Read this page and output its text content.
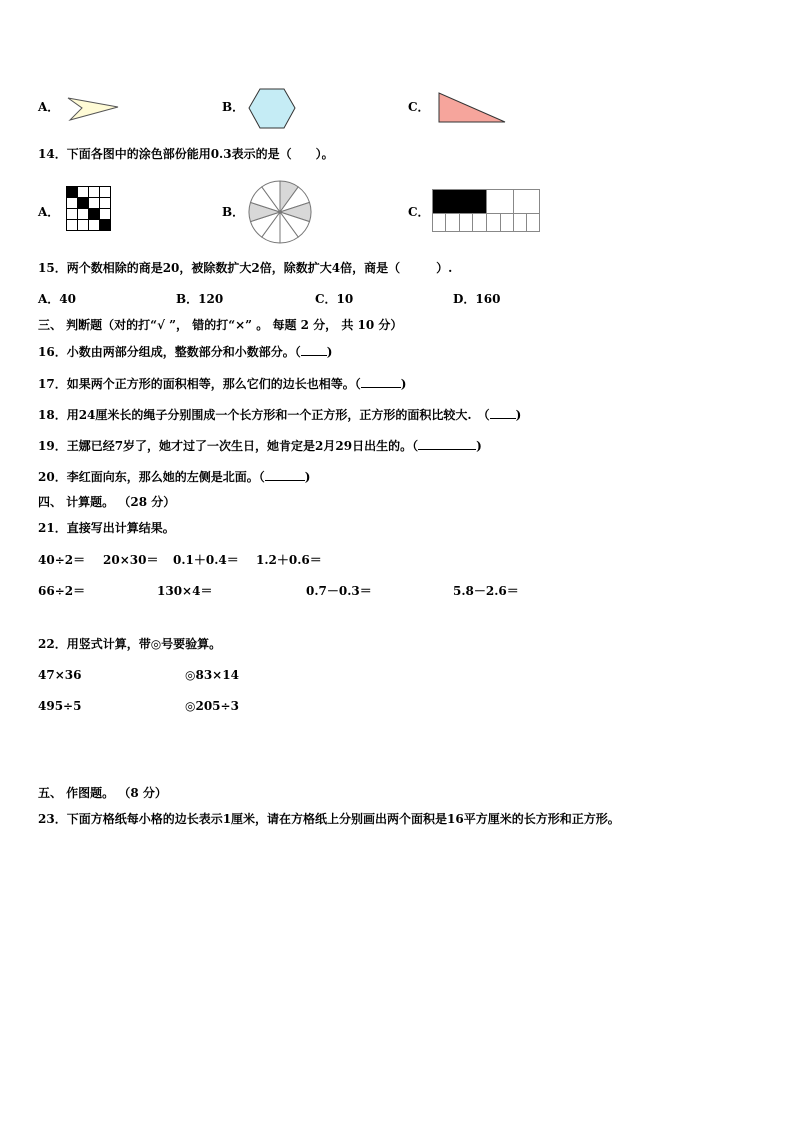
A．	B．	C．
14．下面各图中的涂色部份能用0.3表示的是（　　）。
A．	B．	C．
15．两个数相除的商是20，被除数扩大2倍，除数扩大4倍，商是（　　　）.
A．40	B．120	C．10	D．160
三、 判断题（对的打“√ ”， 错的打“×” 。 每题 2 分， 共 10 分）
16．小数由两部分组成，整数部分和小数部分。（ )
17．如果两个正方形的面积相等，那么它们的边长也相等。（	)
18．用24厘米长的绳子分别围成一个长方形和一个正方形，正方形的面积比较大.　（ )
19．王娜已经7岁了，她才过了一次生日，她肯定是2月29日出生的。（	)
20．李红面向东，那么她的左侧是北面。（	)
四、 计算题。 （28 分）
21．直接写出计算结果。
40÷2＝ 20×30＝ 0.1＋0.4＝ 1.2＋0.6＝
66÷2＝	130×4＝	0.7－0.3＝	5.8－2.6＝
22．用竖式计算，带◎号要验算。
47×36	◎83×14
495÷5	◎205÷3
五、 作图题。 （8 分）
23．下面方格纸每小格的边长表示1厘米，请在方格纸上分别画出两个面积是16平方厘米的长方形和正方形。
